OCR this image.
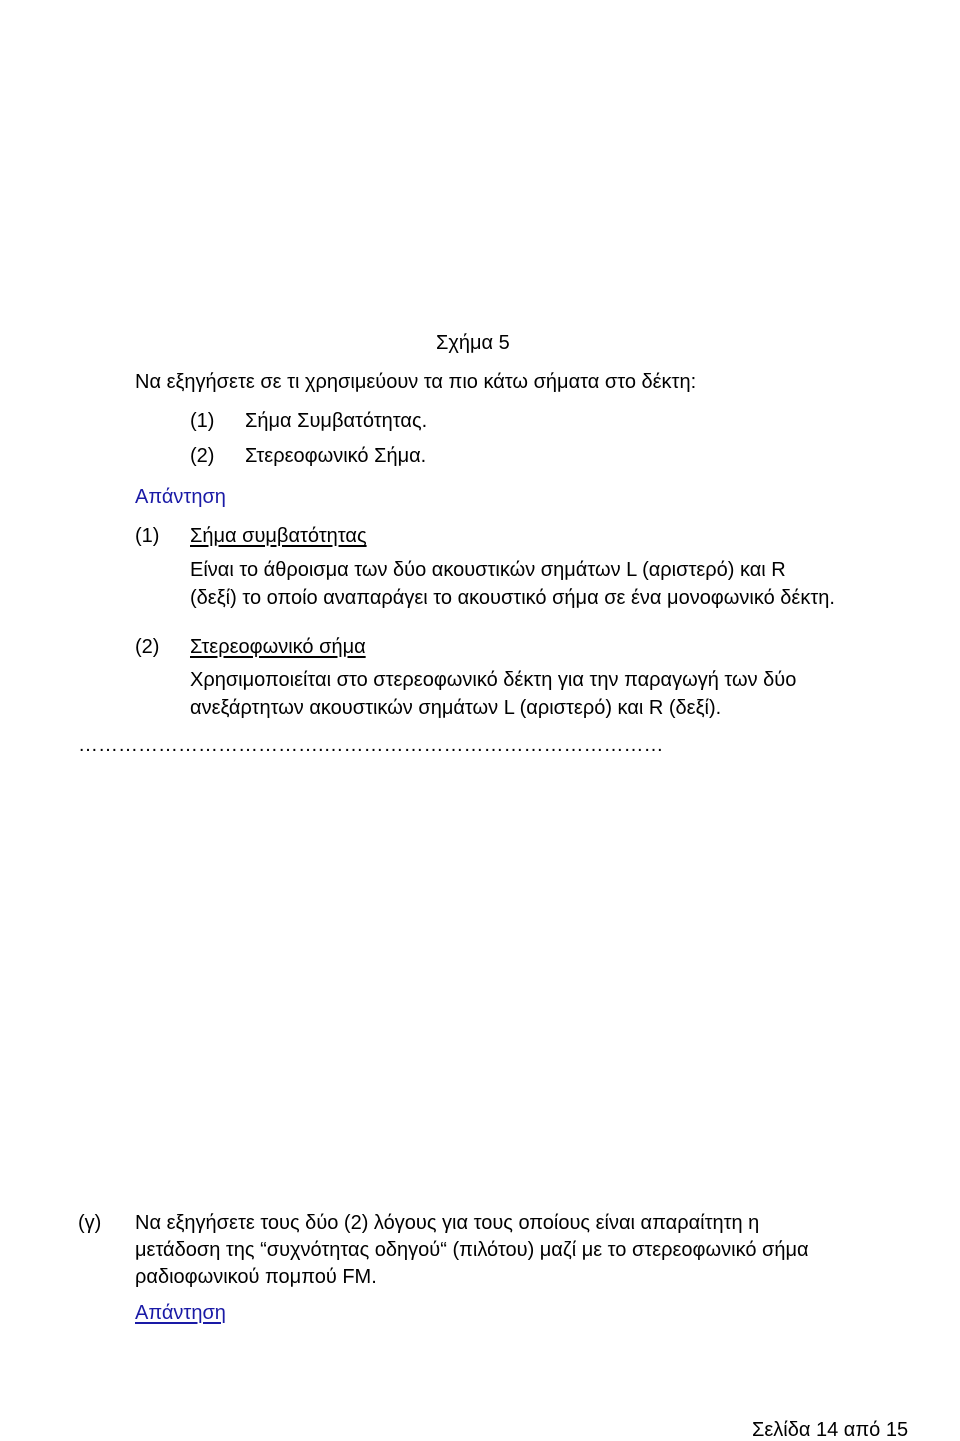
Σχήμα 5
Να εξηγήσετε σε τι χρησιμεύουν τα πιο κάτω σήματα στο δέκτη:
(1) Σήμα Συμβατότητας.
(2) Στερεοφωνικό Σήμα.
Απάντηση
(1) Σήμα συμβατότητας
Είναι το άθροισμα των δύο ακουστικών σημάτων L (αριστερό) και R
(δεξί) το οποίο αναπαράγει το ακουστικό σήμα σε ένα μονοφωνικό δέκτη.
(2) Στερεοφωνικό σήμα
Χρησιμοποιείται στο στερεοφωνικό δέκτη για την παραγωγή των δύο
ανεξάρτητων ακουστικών σημάτων L (αριστερό) και R (δεξί).
……………………………….……………………………………………
(γ) Να εξηγήσετε τους δύο (2) λόγους για τους οποίους είναι απαραίτητη η
μετάδοση της “συχνότητας οδηγού“ (πιλότου) μαζί με το στερεοφωνικό σήμα
ραδιοφωνικού πομπού FM.
Απάντηση
Σελίδα 14 από 15
